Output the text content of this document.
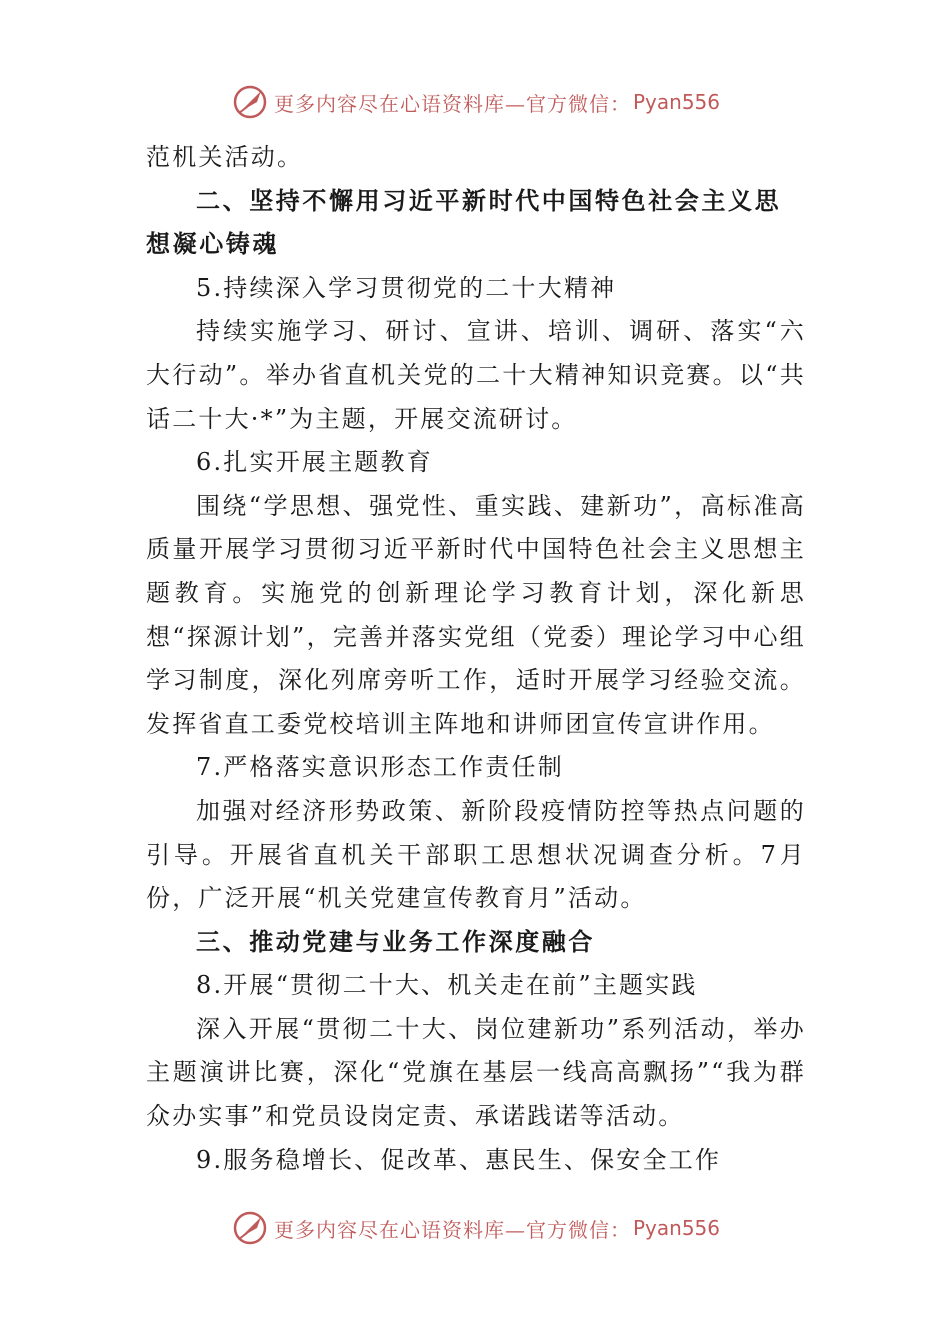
更多内容尽在心语资料库—官方微信： Pyan556

范机关活动。

二、坚持不懈用习近平新时代中国特色社会主义思想凝心铸魂

5.持续深入学习贯彻党的二十大精神

持续实施学习、研讨、宣讲、培训、调研、落实“六大行动”。举办省直机关党的二十大精神知识竞赛。以“共话二十大·*”为主题，开展交流研讨。

6.扎实开展主题教育

围绕“学思想、强党性、重实践、建新功”，高标准高质量开展学习贯彻习近平新时代中国特色社会主义思想主题教育。实施党的创新理论学习教育计划，深化新思想“探源计划”，完善并落实党组（党委）理论学习中心组学习制度，深化列席旁听工作，适时开展学习经验交流。发挥省直工委党校培训主阵地和讲师团宣传宣讲作用。

7.严格落实意识形态工作责任制

加强对经济形势政策、新阶段疫情防控等热点问题的引导。开展省直机关干部职工思想状况调查分析。7月份，广泛开展“机关党建宣传教育月”活动。

三、推动党建与业务工作深度融合

8.开展“贯彻二十大、机关走在前”主题实践

深入开展“贯彻二十大、岗位建新功”系列活动，举办主题演讲比赛，深化“党旗在基层一线高高飘扬”“我为群众办实事”和党员设岗定责、承诺践诺等活动。

9.服务稳增长、促改革、惠民生、保安全工作

更多内容尽在心语资料库—官方微信： Pyan556
